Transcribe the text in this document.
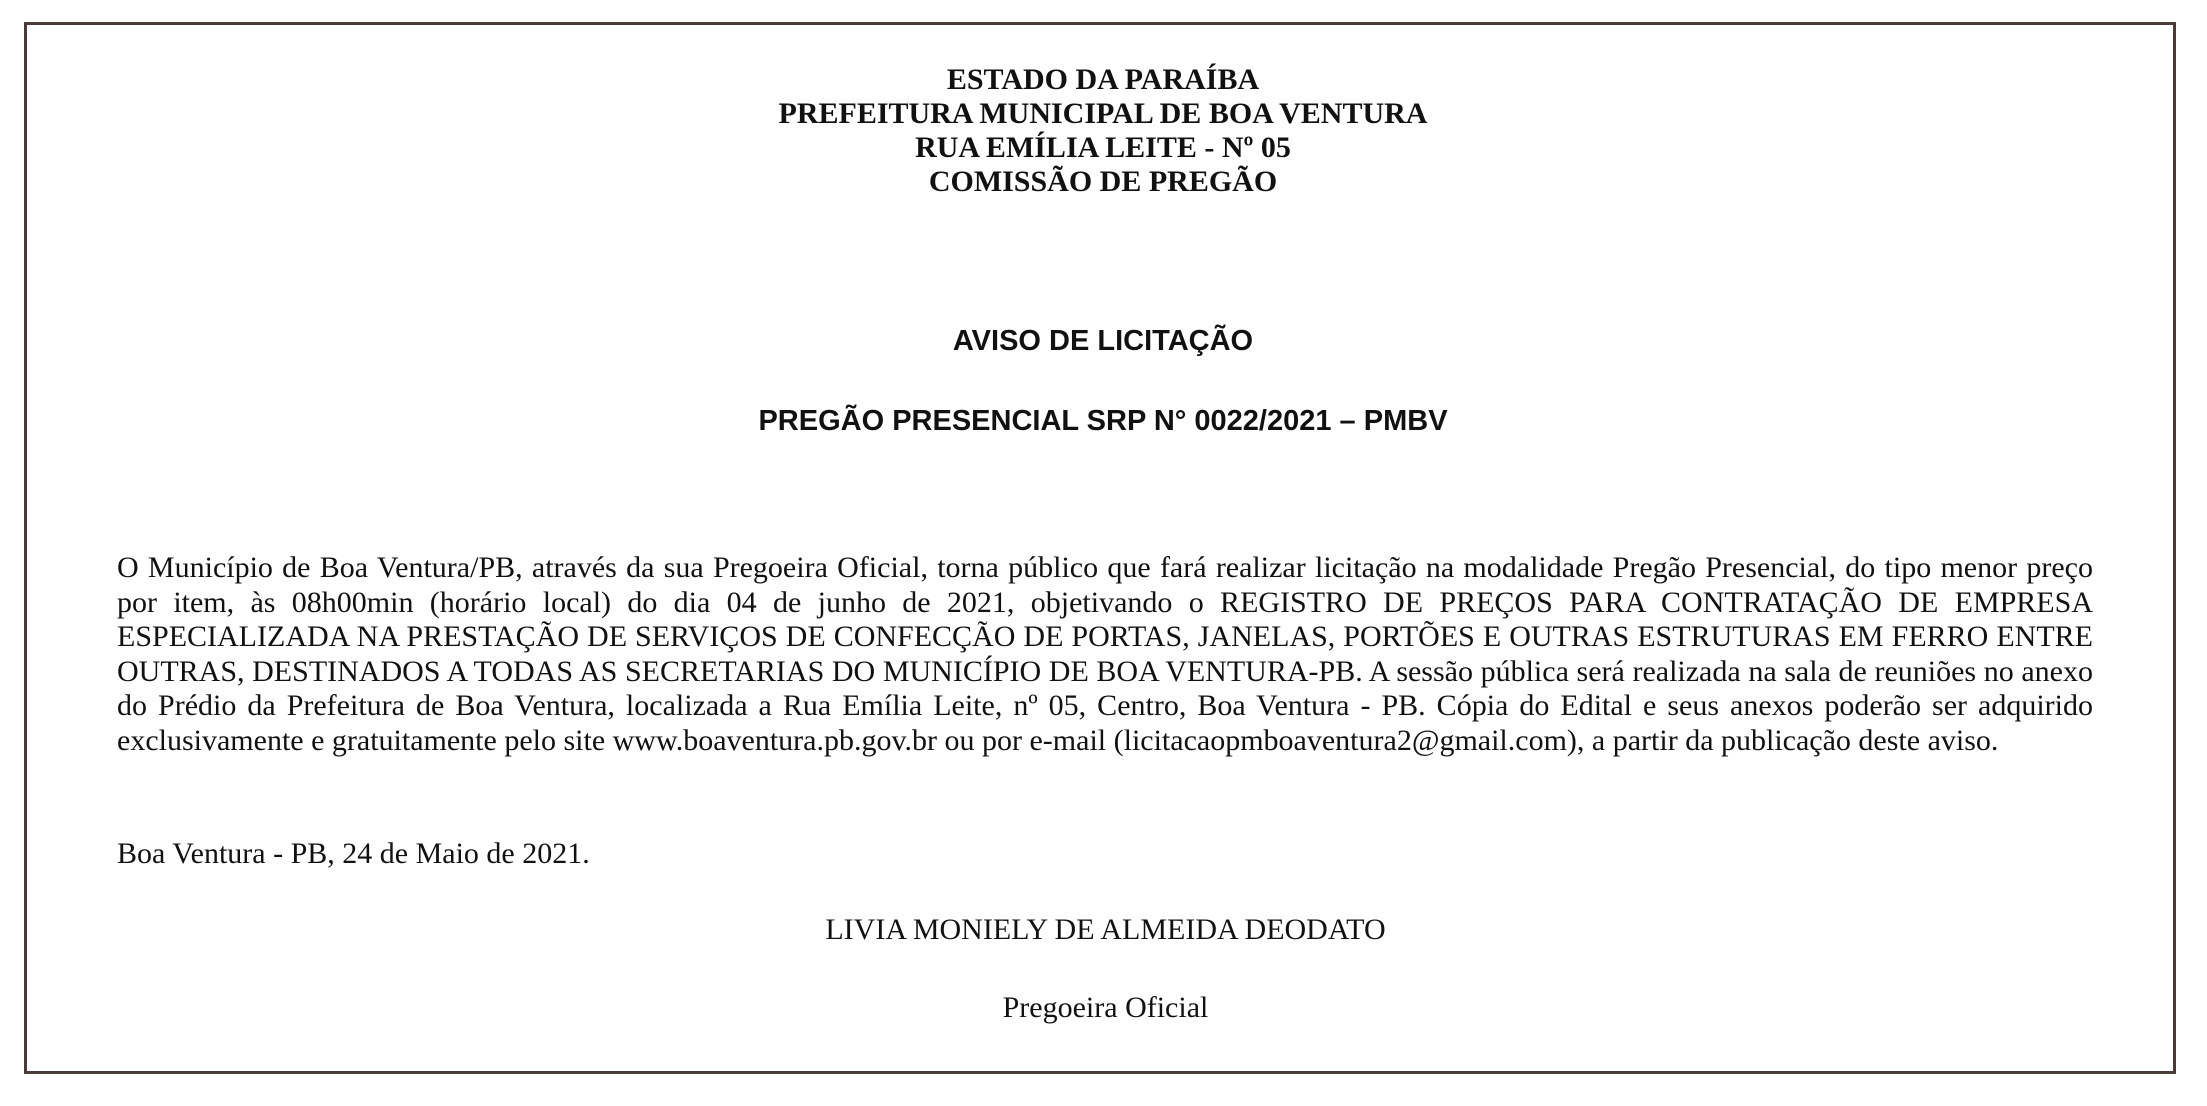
ESTADO DA PARAÍBA
PREFEITURA MUNICIPAL DE BOA VENTURA
RUA EMÍLIA LEITE - Nº 05
COMISSÃO DE PREGÃO
AVISO DE LICITAÇÃO
PREGÃO PRESENCIAL SRP N° 0022/2021 – PMBV

O Município de Boa Ventura/PB, através da sua Pregoeira Oficial, torna público que fará realizar licitação na modalidade Pregão Presencial, do tipo menor preço por item, às 08h00min (horário local) do dia 04 de junho de 2021, objetivando o REGISTRO DE PREÇOS PARA CONTRATAÇÃO DE EMPRESA ESPECIALIZADA NA PRESTAÇÃO DE SERVIÇOS DE CONFECÇÃO DE PORTAS, JANELAS, PORTÕES E OUTRAS ESTRUTURAS EM FERRO ENTRE OUTRAS, DESTINADOS A TODAS AS SECRETARIAS DO MUNICÍPIO DE BOA VENTURA-PB. A sessão pública será realizada na sala de reuniões no anexo do Prédio da Prefeitura de Boa Ventura, localizada a Rua Emília Leite, nº 05, Centro, Boa Ventura - PB. Cópia do Edital e seus anexos poderão ser adquirido exclusivamente e gratuitamente pelo site www.boaventura.pb.gov.br ou por e-mail (licitacaopmboaventura2@gmail.com), a partir da publicação deste aviso.

Boa Ventura - PB, 24 de Maio de 2021.
LIVIA MONIELY DE ALMEIDA DEODATO
Pregoeira Oficial
